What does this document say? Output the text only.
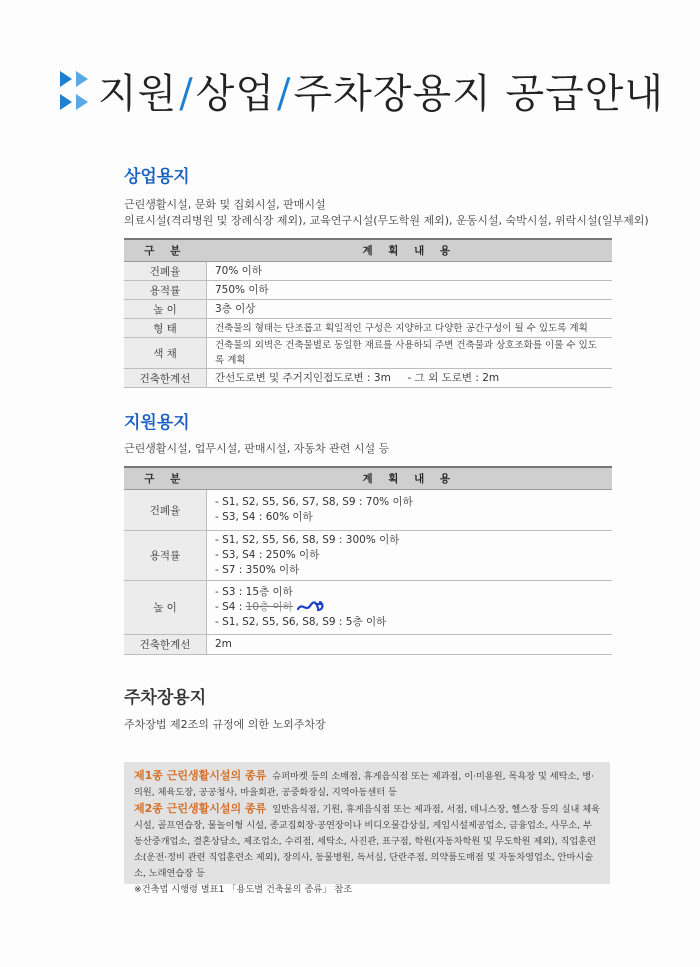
지원/상업/주차장용지 공급안내
상업용지
근린생활시설, 문화 및 집회시설, 판매시설
의료시설(격리병원 및 장례식장 제외), 교육연구시설(무도학원 제외), 운동시설, 숙박시설, 위락시설(일부제외)
구 분	계 획 내 용
건폐율	70% 이하
용적률	750% 이하
높 이	3층 이상
형 태	건축물의 형태는 단조롭고 획일적인 구성은 지양하고 다양한 공간구성이 될 수 있도록 계획
색 채	건축물의 외벽은 건축물별로 동일한 재료를 사용하되 주변 건축물과 상호조화를 이룰 수 있도록 계획
건축한계선	간선도로변 및 주거지인접도로변 : 3m     - 그 외 도로변 : 2m
지원용지
근린생활시설, 업무시설, 판매시설, 자동차 관련 시설 등
구 분	계 획 내 용
건폐율	- S1, S2, S5, S6, S7, S8, S9 : 70% 이하
- S3, S4 : 60% 이하

용적률	- S1, S2, S5, S6, S8, S9 : 300% 이하
- S3, S4 : 250% 이하
- S7 : 350% 이하

높 이	- S3 : 15층 이하
- S4 : 10층 이하
- S1, S2, S5, S6, S8, S9 : 5층 이하

건축한계선	2m
주차장용지
주차장법 제2조의 규정에 의한 노외주차장

제1종 근린생활시설의 종류 슈퍼마켓 등의 소매점, 휴게음식점 또는 제과점, 이·미용원, 목욕장 및 세탁소, 병·의원, 체육도장, 공공청사, 마을회관, 공중화장실, 지역아동센터 등

제2종 근린생활시설의 종류 일반음식점, 기원, 휴게음식점 또는 제과점, 서점, 테니스장, 헬스장 등의 실내 체육시설, 골프연습장, 물놀이형 시설, 종교집회장·공연장이나 비디오물감상실, 게임시설제공업소, 금융업소, 사무소, 부동산중개업소, 결혼상담소, 제조업소, 수리점, 세탁소, 사진관, 표구점, 학원(자동차학원 및 무도학원 제외), 직업훈련소(운전·정비 관련 직업훈련소 제외), 장의사, 동물병원, 독서실, 단란주점, 의약품도매점 및 자동차영업소, 안마시술소, 노래연습장 등

※건축법 시행령 별표1 「용도별 건축물의 종류」 참조
